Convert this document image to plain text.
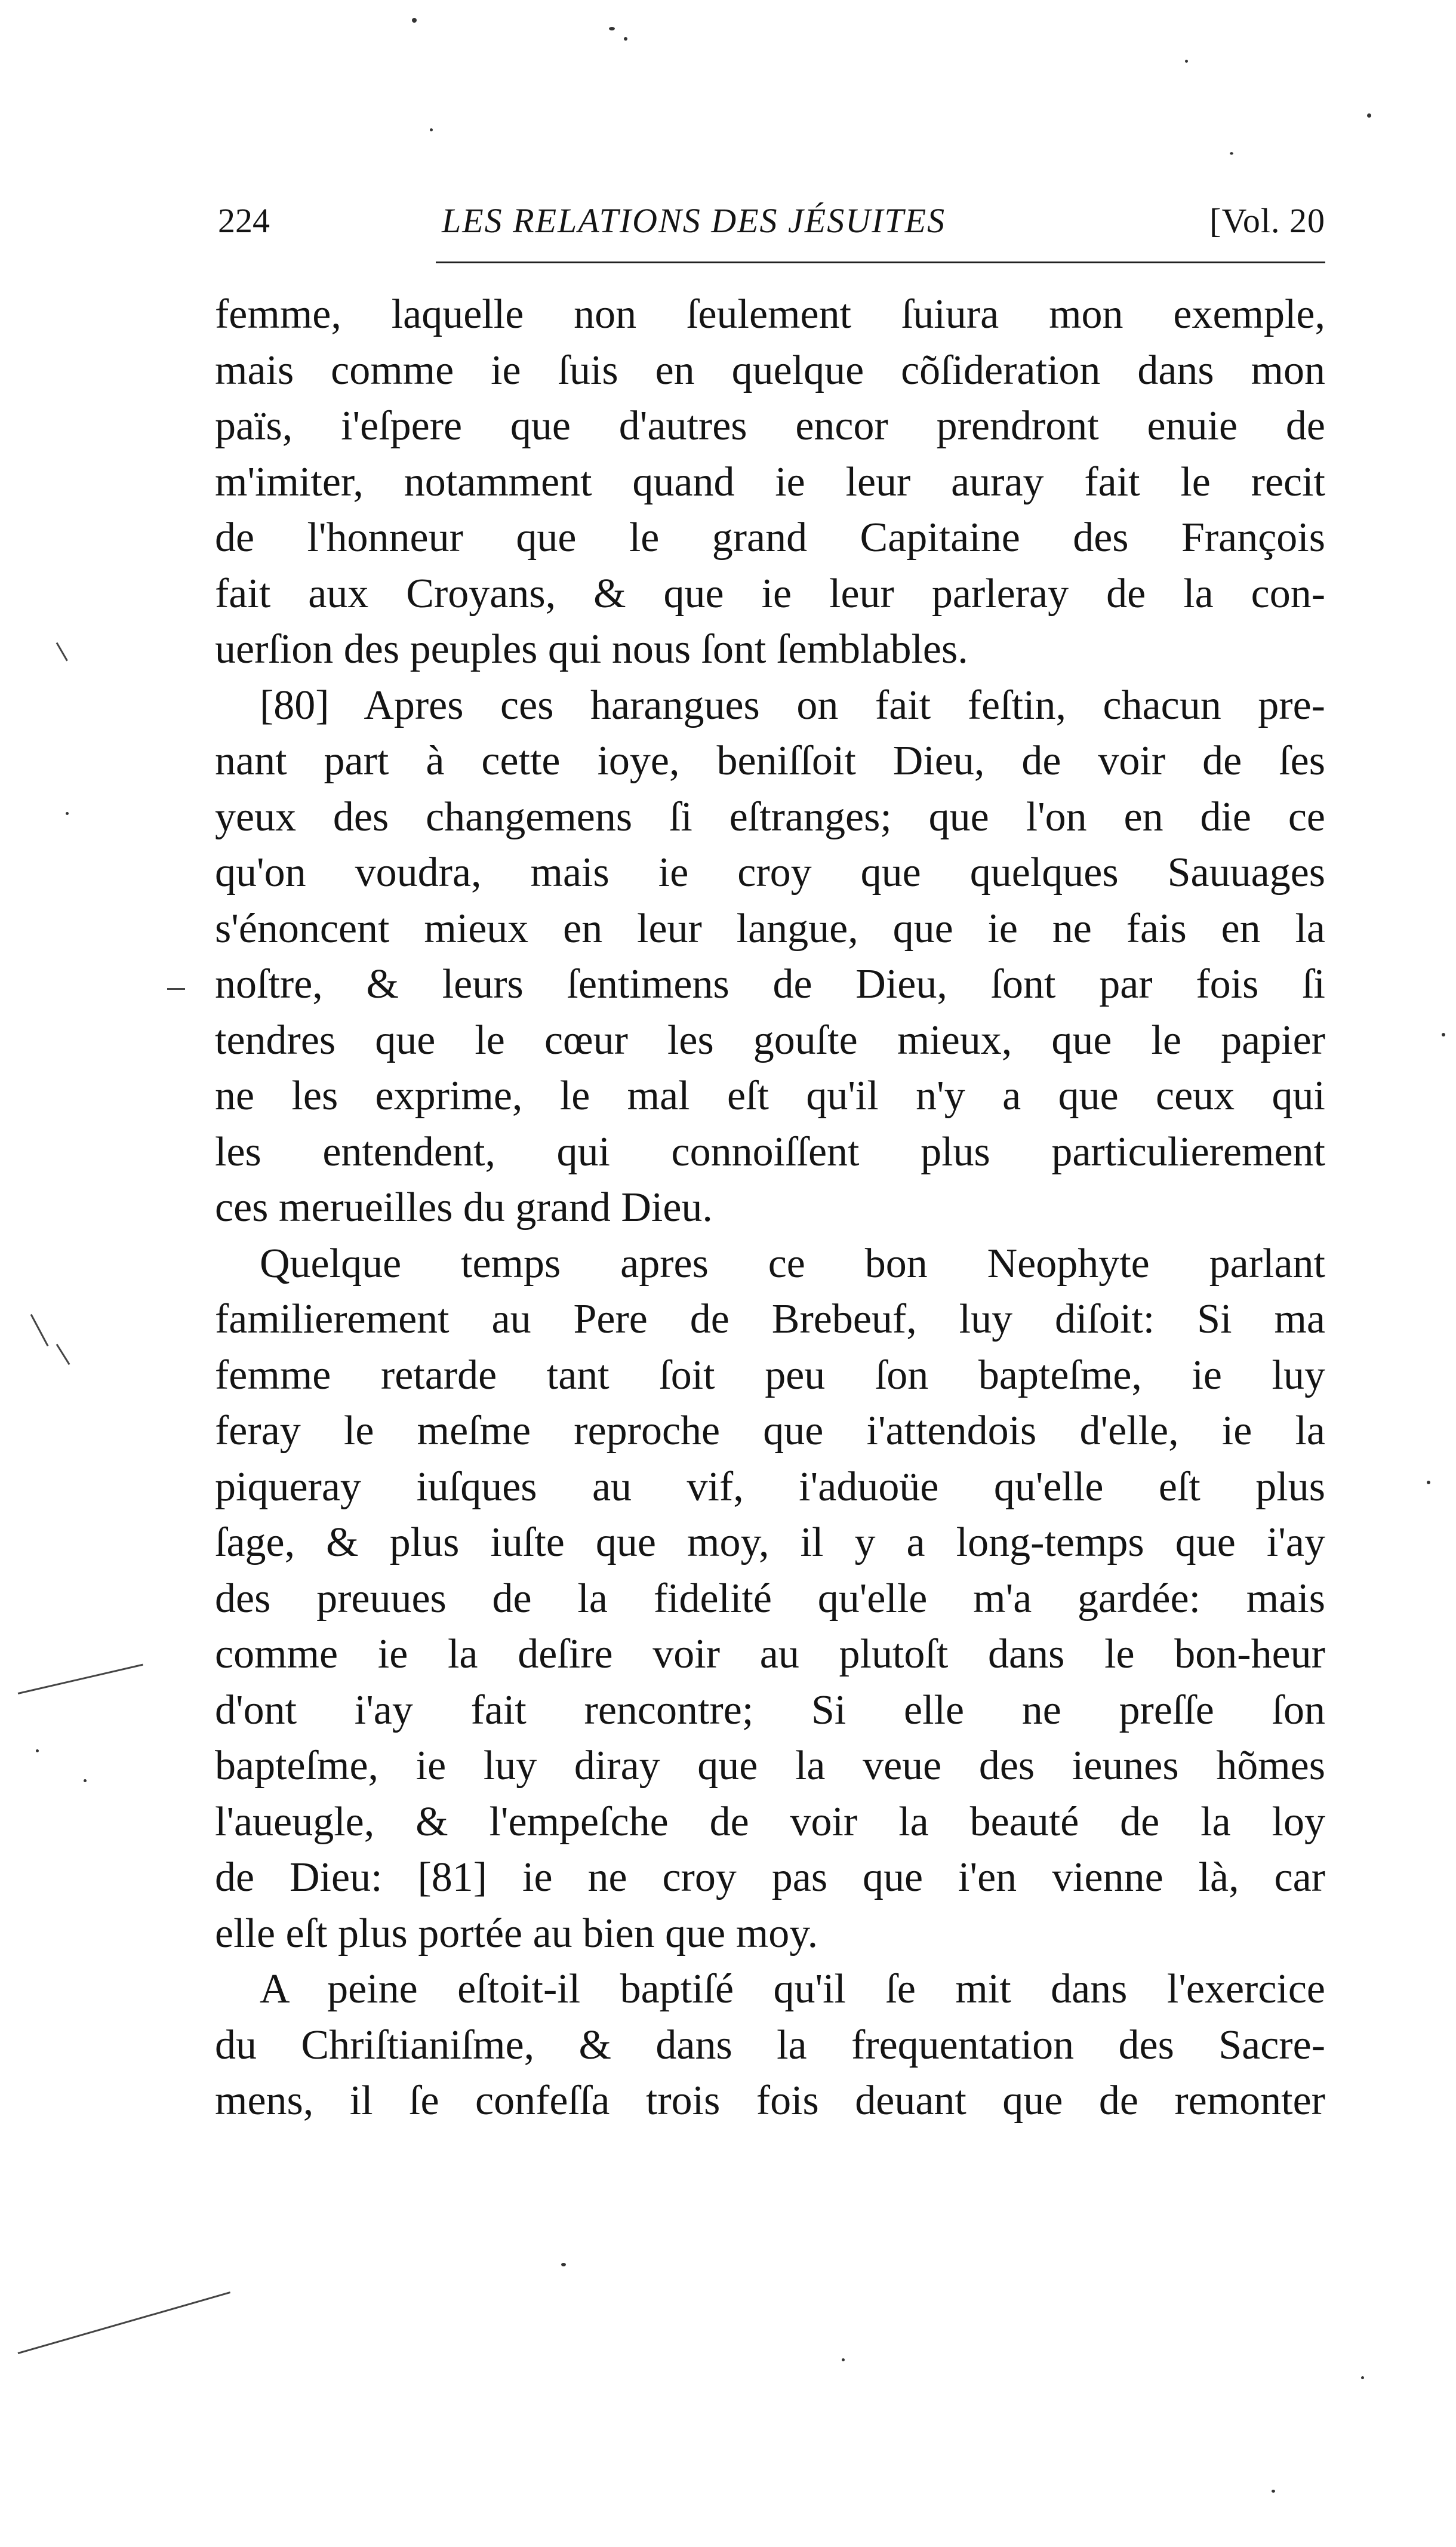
224	LES RELATIONS DES JÉSUITES	[Vol. 20
femme, laquelle non ſeulement ſuiura mon exemple,
mais comme ie ſuis en quelque cõſideration dans mon
païs, i'eſpere que d'autres encor prendront enuie de
m'imiter, notamment quand ie leur auray fait le recit
de l'honneur que le grand Capitaine des François
fait aux Croyans, & que ie leur parleray de la con-
uerſion des peuples qui nous ſont ſemblables.
[80] Apres ces harangues on fait feſtin, chacun pre-
nant part à cette ioye, beniſſoit Dieu, de voir de ſes
yeux des changemens ſi eſtranges; que l'on en die ce
qu'on voudra, mais ie croy que quelques Sauuages
s'énoncent mieux en leur langue, que ie ne fais en la
noſtre, & leurs ſentimens de Dieu, ſont par fois ſi
tendres que le cœur les gouſte mieux, que le papier
ne les exprime, le mal eſt qu'il n'y a que ceux qui
les entendent, qui connoiſſent plus particulierement
ces merueilles du grand Dieu.
Quelque temps apres ce bon Neophyte parlant
familierement au Pere de Brebeuf, luy diſoit: Si ma
femme retarde tant ſoit peu ſon bapteſme, ie luy
feray le meſme reproche que i'attendois d'elle, ie la
piqueray iuſques au vif, i'aduoüe qu'elle eſt plus
ſage, & plus iuſte que moy, il y a long-temps que i'ay
des preuues de la fidelité qu'elle m'a gardée: mais
comme ie la deſire voir au plutoſt dans le bon-heur
d'ont i'ay fait rencontre; Si elle ne preſſe ſon
bapteſme, ie luy diray que la veue des ieunes hõmes
l'aueugle, & l'empeſche de voir la beauté de la loy
de Dieu: [81] ie ne croy pas que i'en vienne là, car
elle eſt plus portée au bien que moy.
A peine eſtoit-il baptiſé qu'il ſe mit dans l'exercice
du Chriſtianiſme, & dans la frequentation des Sacre-
mens, il ſe confeſſa trois fois deuant que de remonter
